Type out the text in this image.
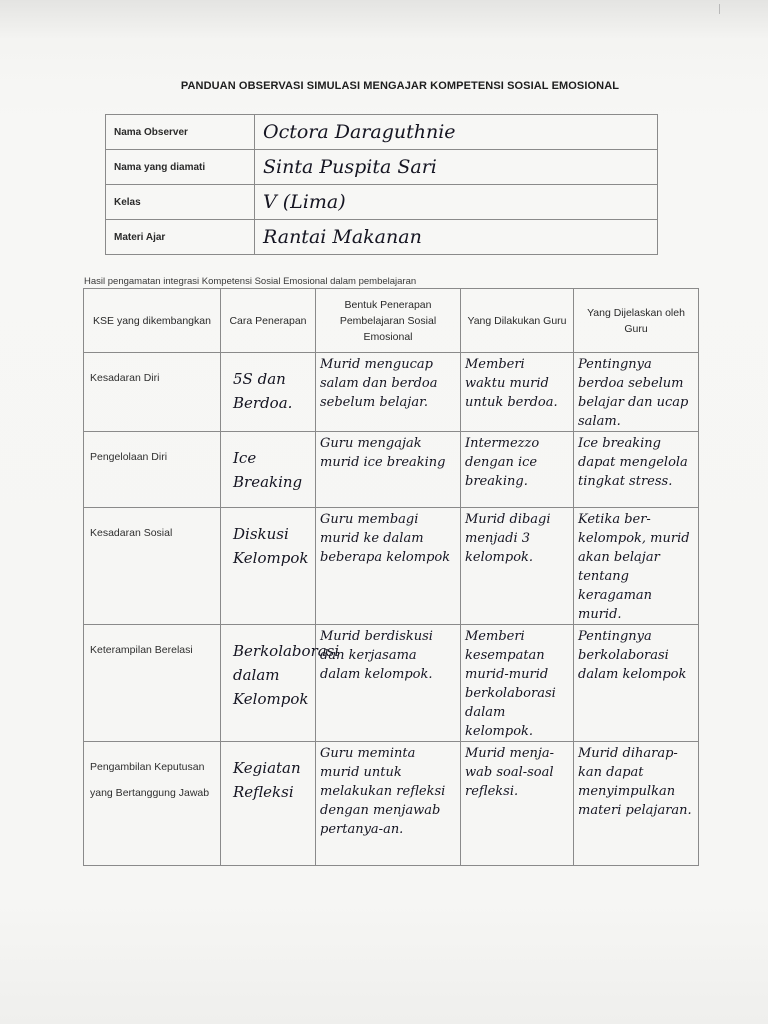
PANDUAN OBSERVASI SIMULASI MENGAJAR KOMPETENSI SOSIAL EMOSIONAL
Nama Observer	Octora Daraguthnie
Nama yang diamati	Sinta Puspita Sari
Kelas	V (Lima)
Materi Ajar	Rantai Makanan
Hasil pengamatan integrasi Kompetensi Sosial Emosional dalam pembelajaran
KSE yang dikembangkan	Cara Penerapan	Bentuk Penerapan Pembelajaran Sosial Emosional	Yang Dilakukan Guru	Yang Dijelaskan oleh Guru
Kesadaran Diri	5S dan Berdoa.	Murid mengucap salam dan berdoa sebelum belajar.	Memberi waktu murid untuk berdoa.	Pentingnya berdoa sebelum belajar dan ucap salam.
Pengelolaan Diri	Ice Breaking	Guru mengajak murid ice breaking	Intermezzo dengan ice breaking.	Ice breaking dapat mengelola tingkat stress.
Kesadaran Sosial	Diskusi Kelompok	Guru membagi murid ke dalam beberapa kelompok	Murid dibagi menjadi 3 kelompok.	Ketika ber-kelompok, murid akan belajar tentang keragaman murid.
Keterampilan Berelasi	Berkolaborasi dalam Kelompok	Murid berdiskusi dan kerjasama dalam kelompok.	Memberi kesempatan murid-murid berkolaborasi dalam kelompok.	Pentingnya berkolaborasi dalam kelompok
Pengambilan Keputusan yang Bertanggung Jawab	Kegiatan Refleksi	Guru meminta murid untuk melakukan refleksi dengan menjawab pertanya-an.	Murid menja-wab soal-soal refleksi.	Murid diharap-kan dapat menyimpulkan materi pelajaran.
